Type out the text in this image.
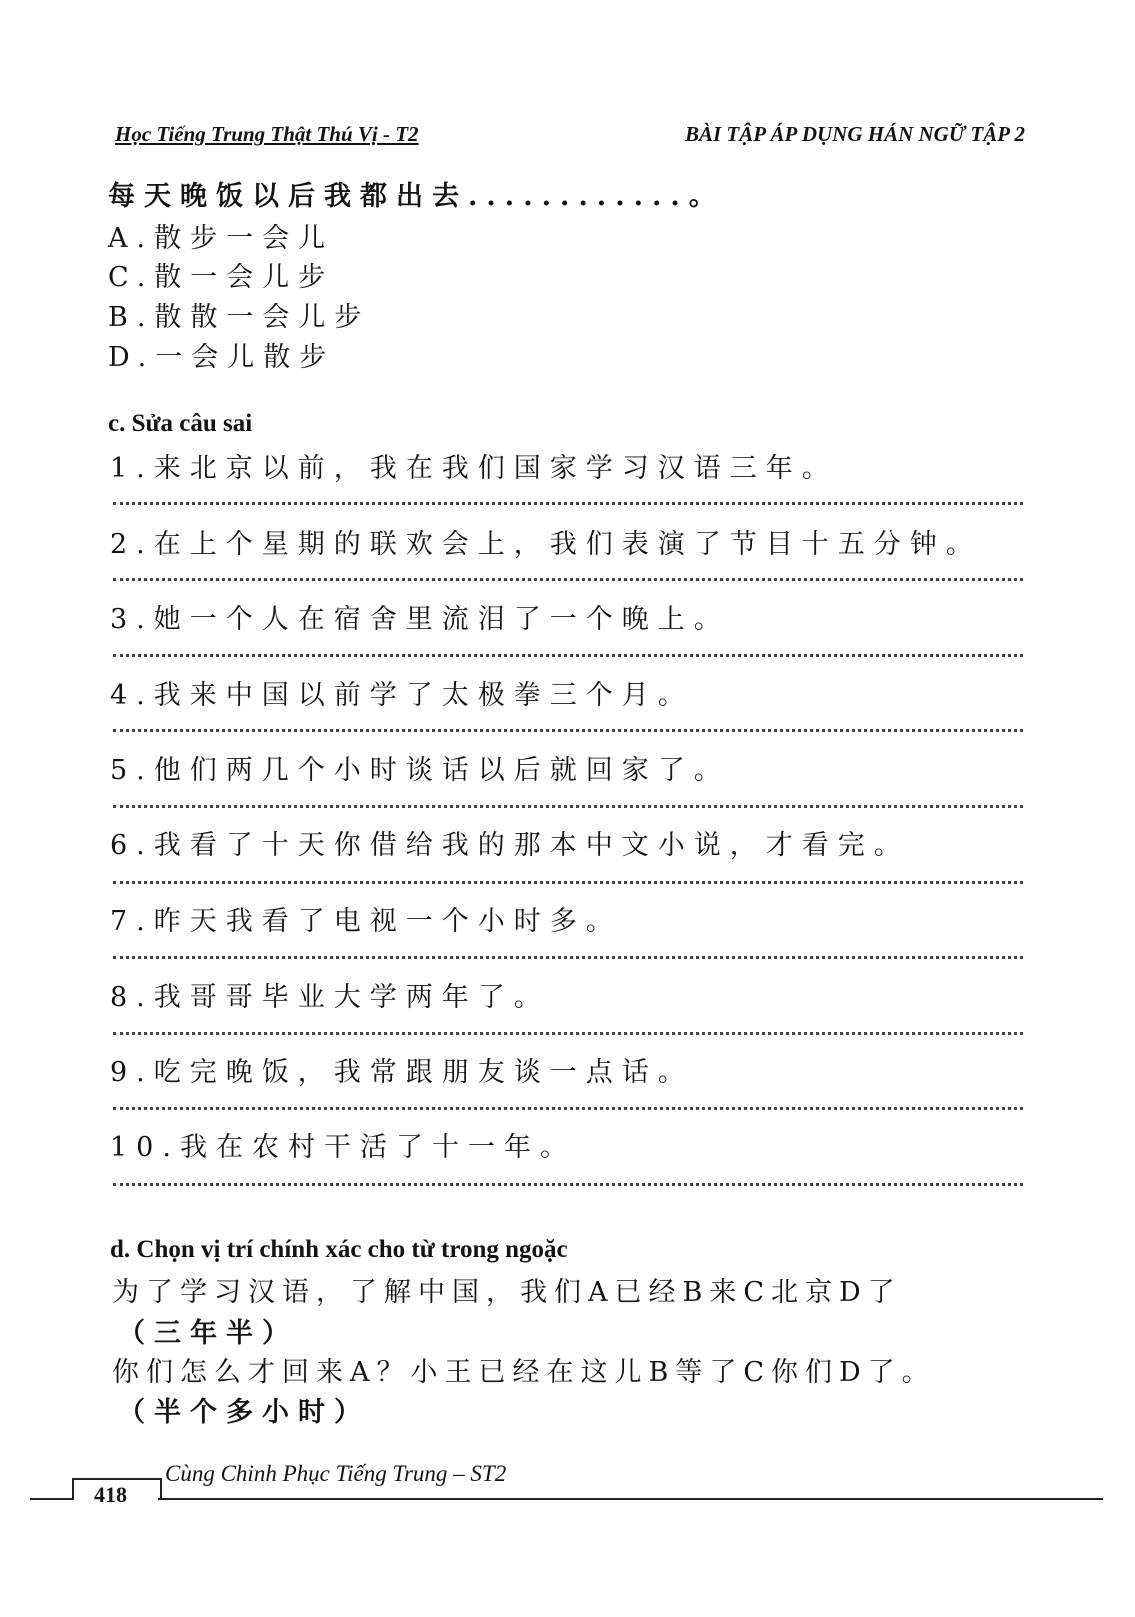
Học Tiếng Trung Thật Thú Vị - T2	BÀI TẬP ÁP DỤNG HÁN NGỮ TẬP 2
每天晚饭以后我都出去............。
A.散步一会儿
C.散一会儿步
B.散散一会儿步
D.一会儿散步
c. Sửa câu sai
1.来北京以前，我在我们国家学习汉语三年。
2.在上个星期的联欢会上，我们表演了节目十五分钟。
3.她一个人在宿舍里流泪了一个晚上。
4.我来中国以前学了太极拳三个月。
5.他们两几个小时谈话以后就回家了。
6.我看了十天你借给我的那本中文小说，才看完。
7.昨天我看了电视一个小时多。
8.我哥哥毕业大学两年了。
9.吃完晚饭，我常跟朋友谈一点话。
10.我在农村干活了十一年。
d. Chọn vị trí chính xác cho từ trong ngoặc
为了学习汉语，了解中国，我们A已经B来C北京D了
（三年半）
你们怎么才回来A？小王已经在这儿B等了C你们D了。
（半个多小时）
418
Cùng Chinh Phục Tiếng Trung – ST2
